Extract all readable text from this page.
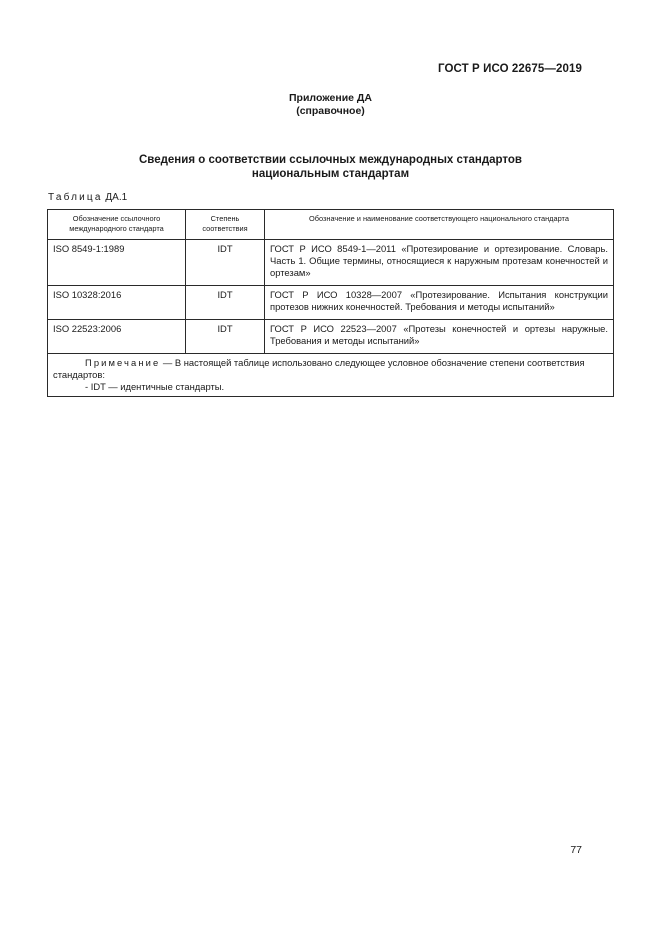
ГОСТ Р ИСО 22675—2019
Приложение ДА
(справочное)
Сведения о соответствии ссылочных международных стандартов
национальным стандартам
Таблица ДА.1
Обозначение ссылочного международного стандарта	Степень соответствия	Обозначение и наименование соответствующего национального стандарта
ISO 8549-1:1989	IDT	ГОСТ Р ИСО 8549-1—2011 «Протезирование и ортезирование. Словарь. Часть 1. Общие термины, относящиеся к наружным протезам конечностей и ортезам»
ISO 10328:2016	IDT	ГОСТ Р ИСО 10328—2007 «Протезирование. Испытания конструкции протезов нижних конечностей. Требования и методы испытаний»
ISO 22523:2006	IDT	ГОСТ Р ИСО 22523—2007 «Протезы конечностей и ортезы наружные. Требования и методы испытаний»

Примечание — В настоящей таблице использовано следующее условное обозначение степени соответствия стандартов:
- IDT — идентичные стандарты.		
77
